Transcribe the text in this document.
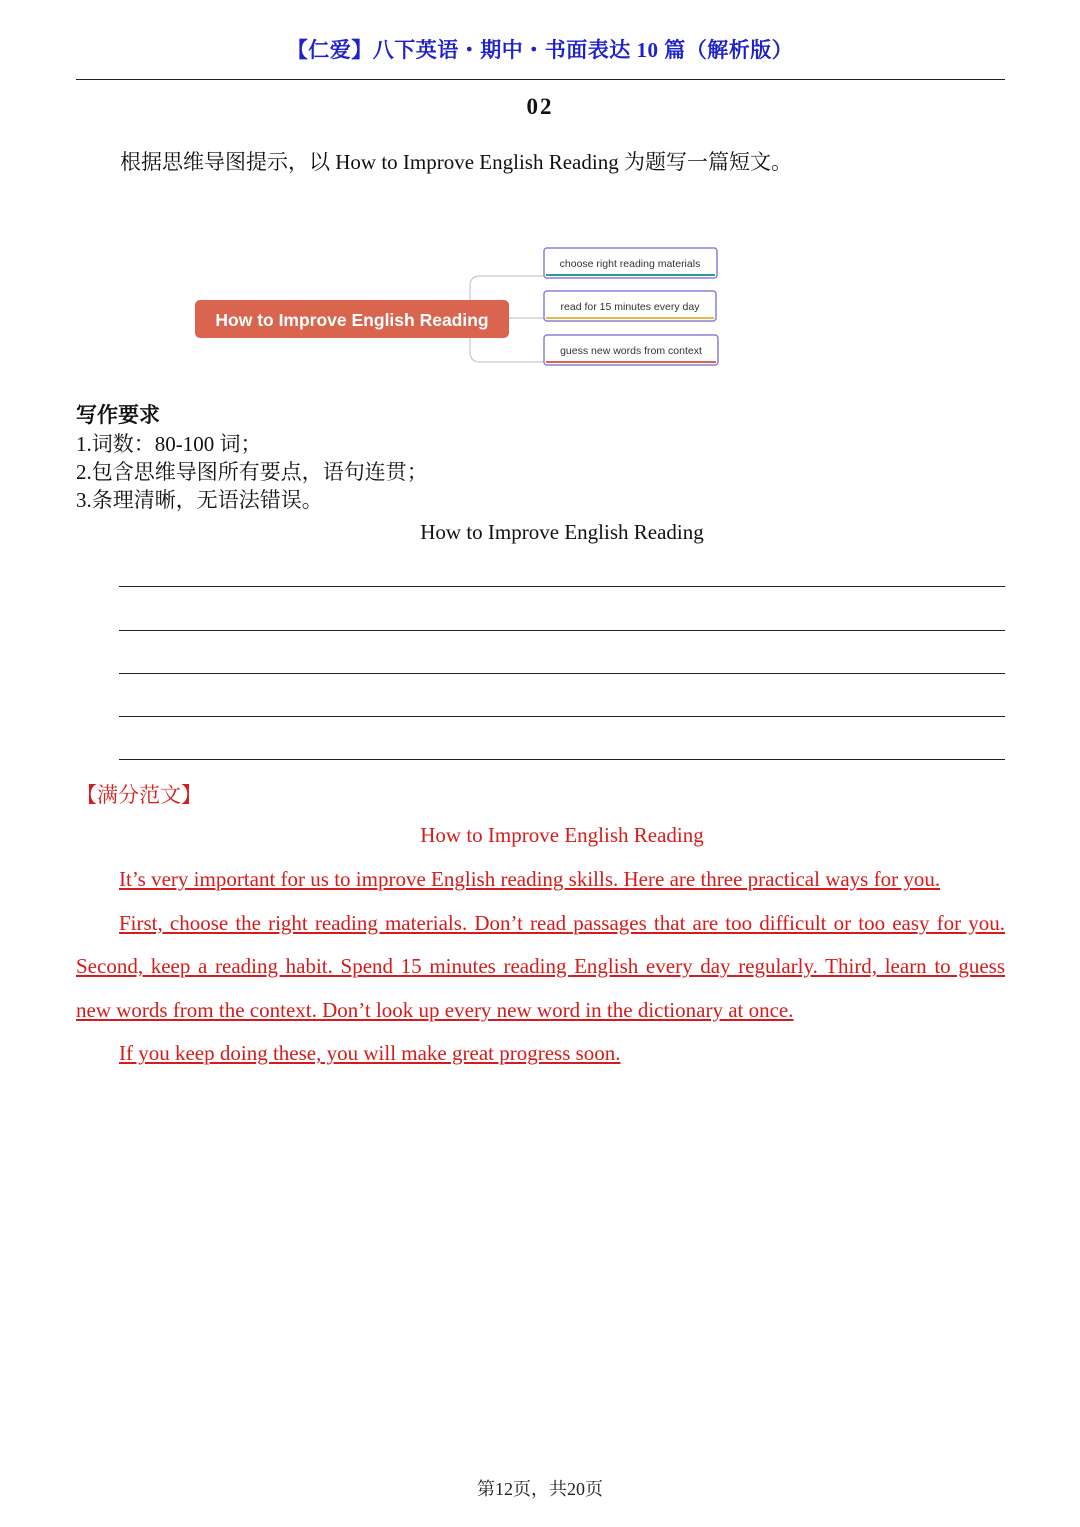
【仁爱】八下英语・期中・书面表达 10 篇（解析版）
02
根据思维导图提示，以 How to Improve English Reading 为题写一篇短文。
How to Improve English Reading
choose right reading materials
read for 15 minutes every day
guess new words from context
写作要求
1.词数：80-100 词；
2.包含思维导图所有要点，语句连贯；
3.条理清晰，无语法错误。
How to Improve English Reading
【满分范文】
How to Improve English Reading

It’s very important for us to improve English reading skills. Here are three practical ways for you.

First, choose the right reading materials. Don’t read passages that are too difficult or too easy for you. Second, keep a reading habit. Spend 15 minutes reading English every day regularly. Third, learn to guess new words from the context. Don’t look up every new word in the dictionary at once.

If you keep doing these, you will make great progress soon.

第12页，共20页
